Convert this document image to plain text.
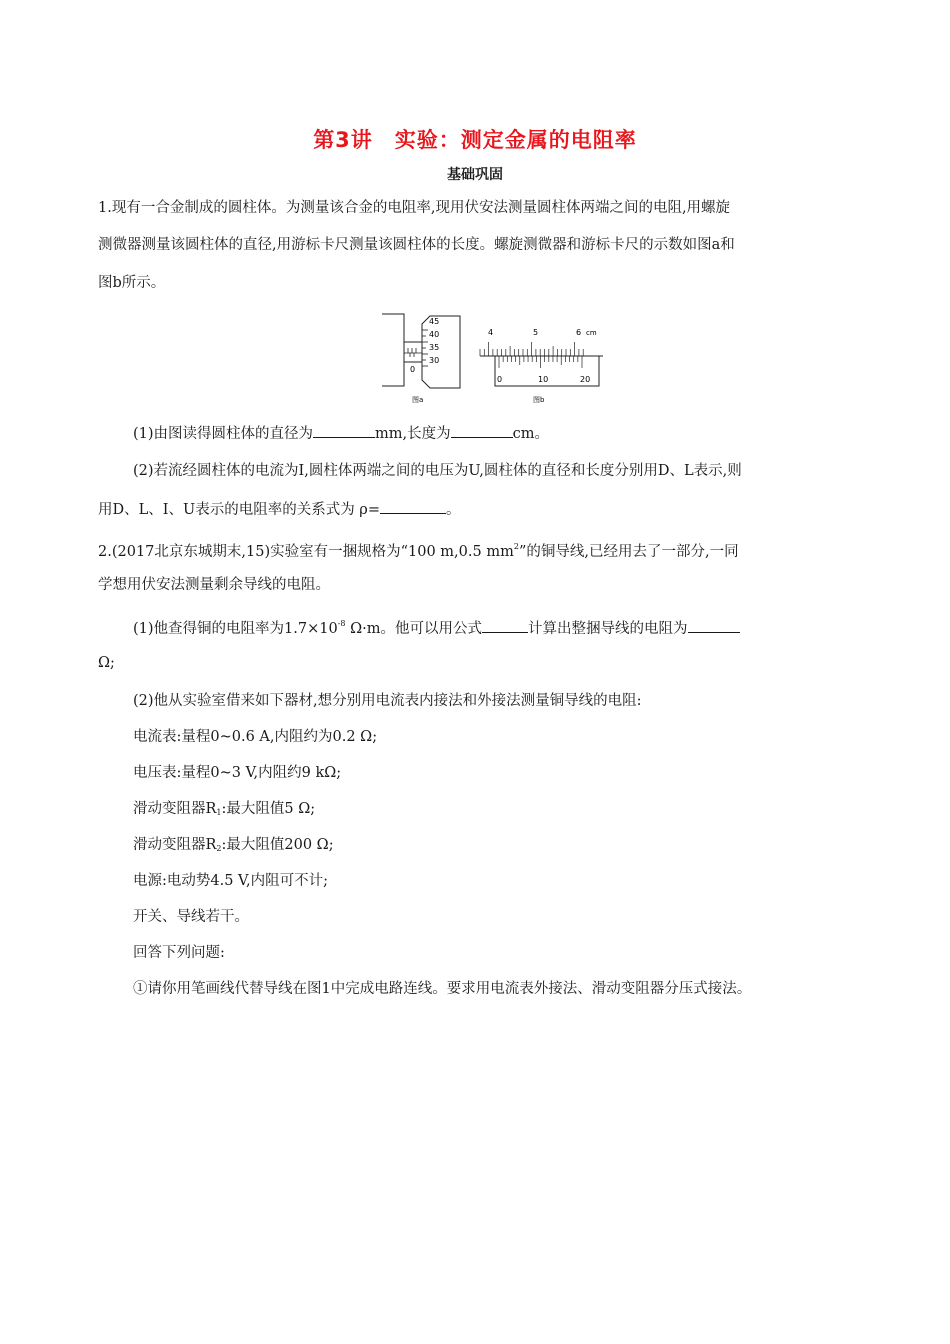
第3讲　实验：测定金属的电阻率
基础巩固
1.现有一合金制成的圆柱体。为测量该合金的电阻率,现用伏安法测量圆柱体两端之间的电阻,用螺旋
测微器测量该圆柱体的直径,用游标卡尺测量该圆柱体的长度。螺旋测微器和游标卡尺的示数如图a和
图b所示。
0
45
40
35
30
图a
4	5	6 cm
0	10	20
图b
(1)由图读得圆柱体的直径为	mm,长度为	cm。
(2)若流经圆柱体的电流为I,圆柱体两端之间的电压为U,圆柱体的直径和长度分别用D、L表示,则
用D、L、I、U表示的电阻率的关系式为 ρ=	。
2.(2017北京东城期末,15)实验室有一捆规格为“100 m,0.5 $mm^2$”的铜导线,已经用去了一部分,一同
学想用伏安法测量剩余导线的电阻。
(1)他查得铜的电阻率为$1.7\times 10^{-8}$ Ω·m。他可以用公式	计算出整捆导线的电阻为
Ω;
(2)他从实验室借来如下器材,想分别用电流表内接法和外接法测量铜导线的电阻:
电流表:量程0~0.6 A,内阻约为0.2 Ω;
电压表:量程0~3 V,内阻约9 kΩ;
滑动变阻器$R_1$:最大阻值5 Ω;
滑动变阻器$R_2$:最大阻值200 Ω;
电源:电动势4.5 V,内阻可不计;
开关、导线若干。
回答下列问题:
①请你用笔画线代替导线在图1中完成电路连线。要求用电流表外接法、滑动变阻器分压式接法。
